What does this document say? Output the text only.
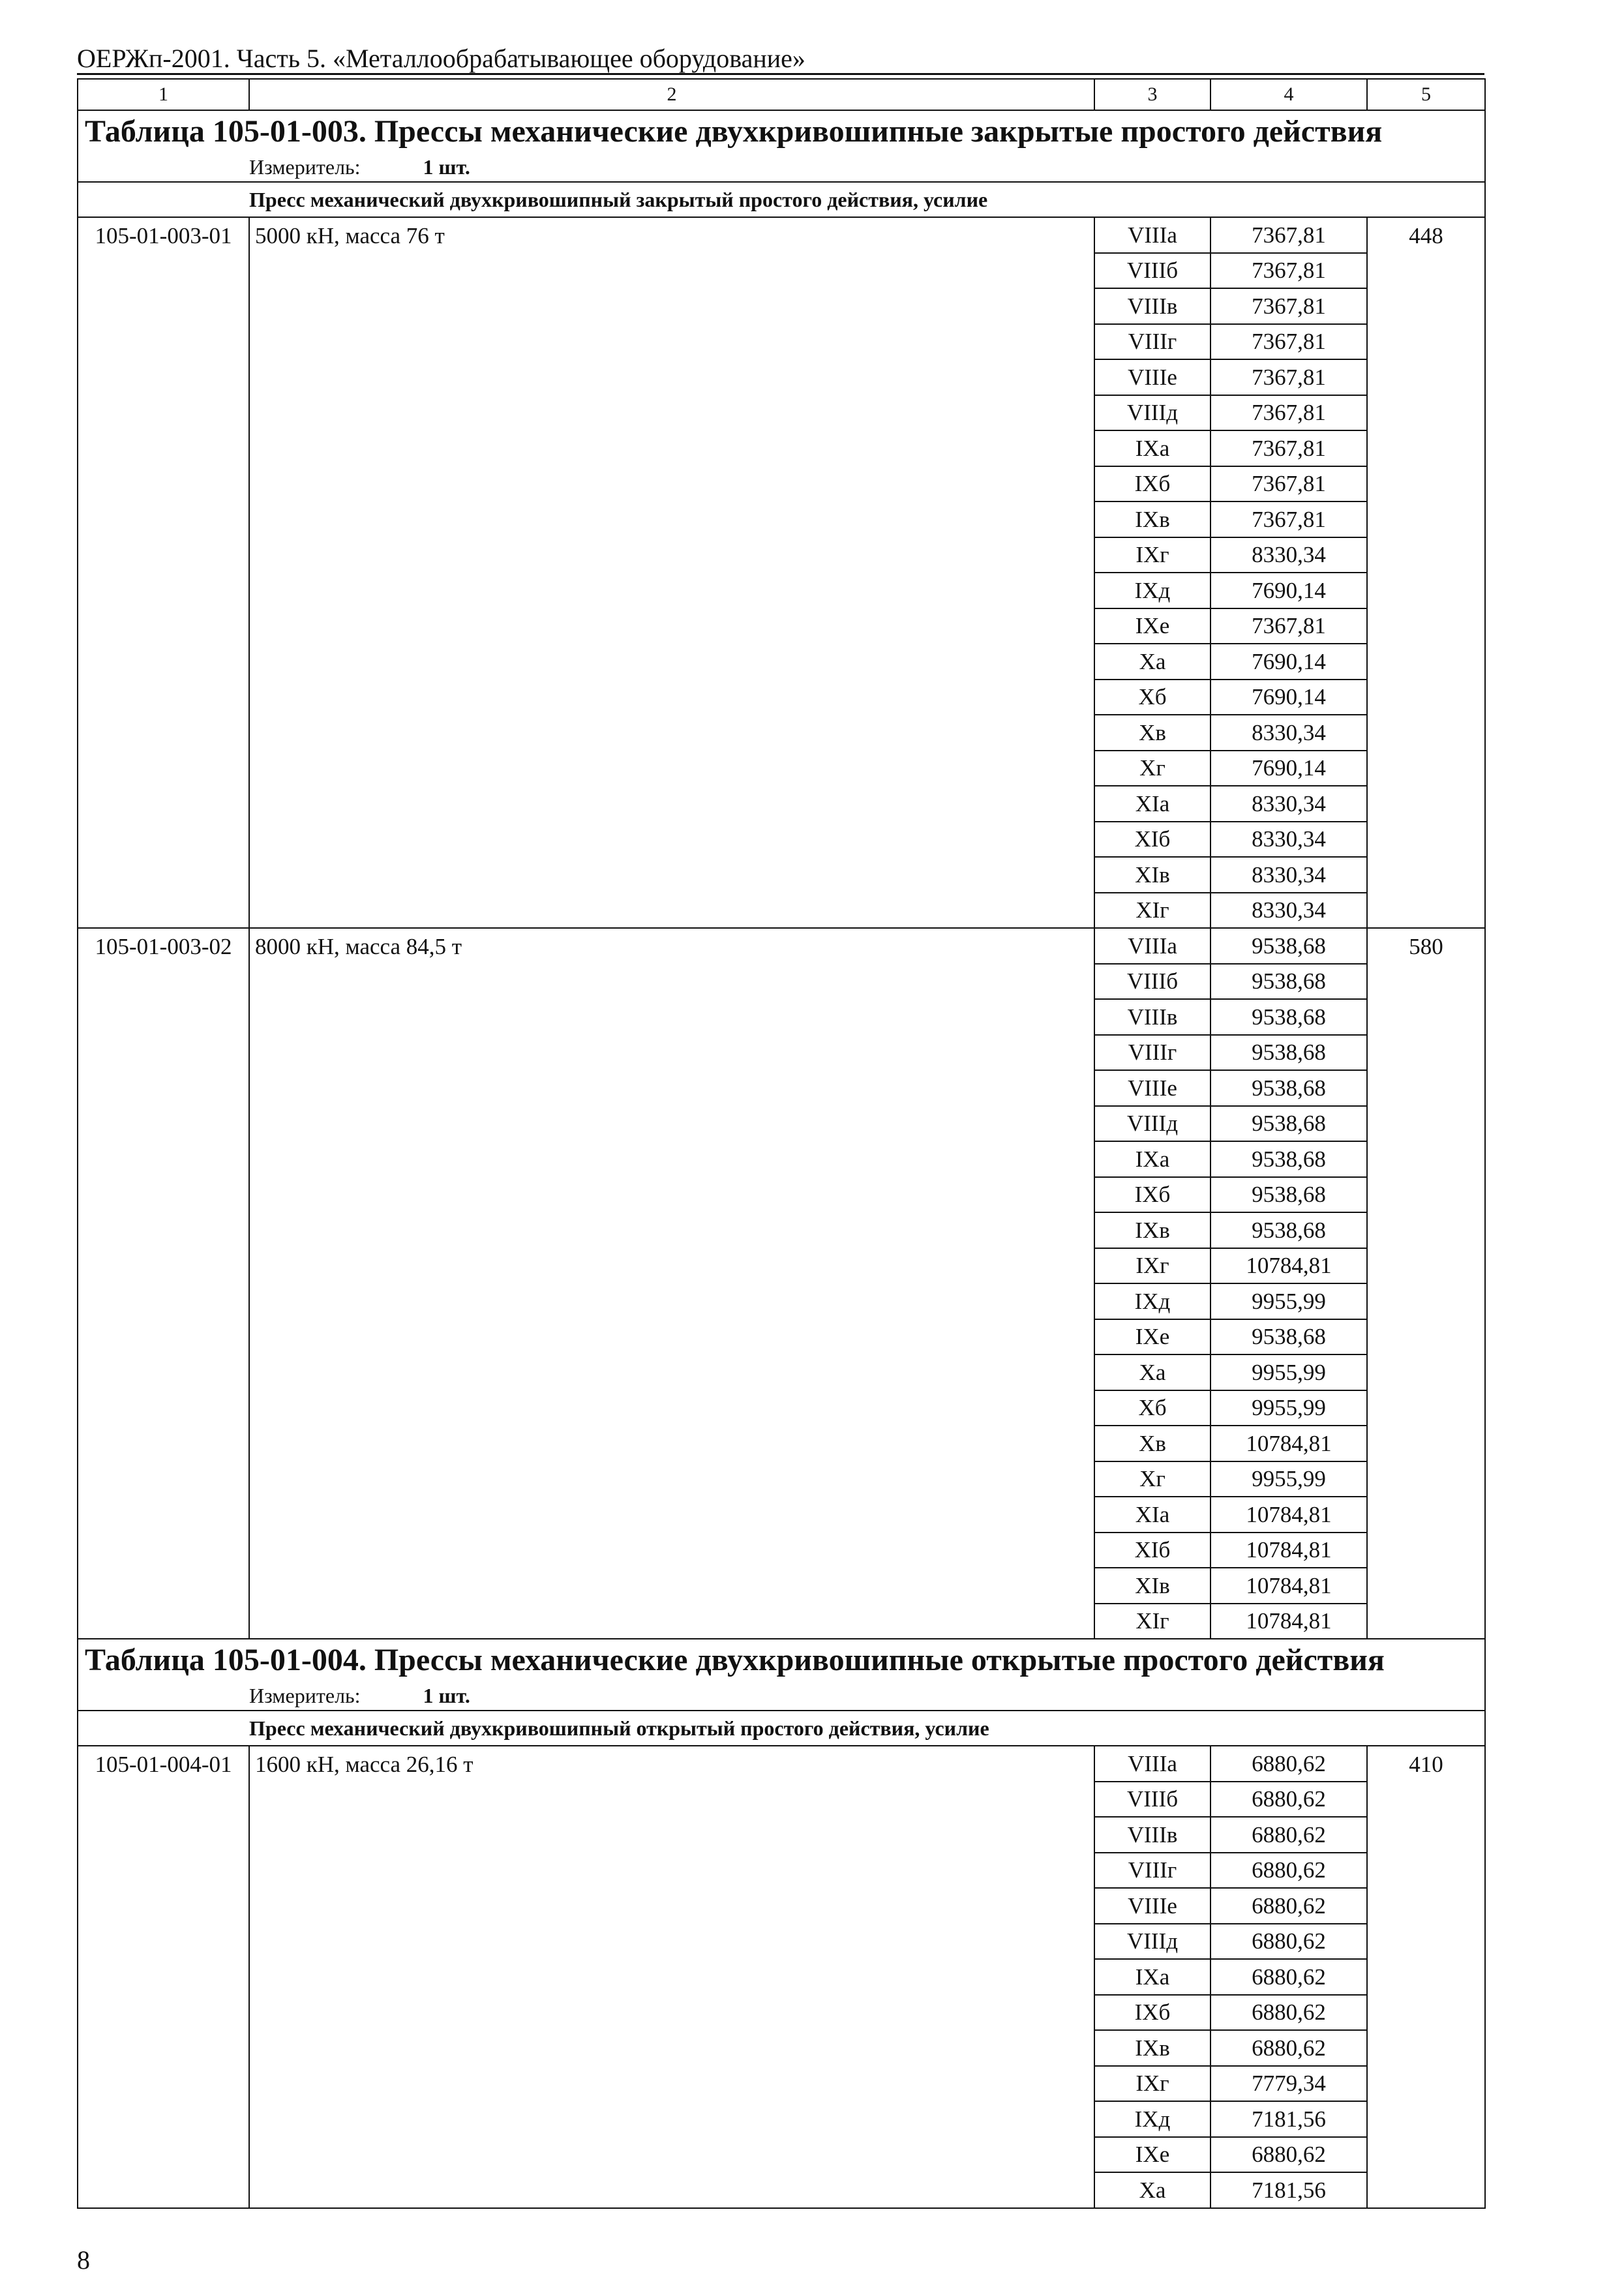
ОЕРЖп-2001. Часть 5. «Металлообрабатывающее оборудование»
1	2	3	4	5
Таблица 105-01-003. Прессы механические двухкривошипные закрытые простого действия				
Измеритель: 1 шт.				
Пресс механический двухкривошипный закрытый простого действия, усилие				
105-01-003-01	5000 кН, масса 76 т	VIIIа	7367,81	448
		VIIIб	7367,81	
		VIIIв	7367,81	
		VIIIг	7367,81	
		VIIIе	7367,81	
		VIIIд	7367,81	
		IXа	7367,81	
		IXб	7367,81	
		IXв	7367,81	
		IXг	8330,34	
		IXд	7690,14	
		IXе	7367,81	
		Xа	7690,14	
		Xб	7690,14	
		Xв	8330,34	
		Xг	7690,14	
		XIа	8330,34	
		XIб	8330,34	
		XIв	8330,34	
		XIг	8330,34	
105-01-003-02	8000 кН, масса 84,5 т	VIIIа	9538,68	580
		VIIIб	9538,68	
		VIIIв	9538,68	
		VIIIг	9538,68	
		VIIIе	9538,68	
		VIIIд	9538,68	
		IXа	9538,68	
		IXб	9538,68	
		IXв	9538,68	
		IXг	10784,81	
		IXд	9955,99	
		IXе	9538,68	
		Xа	9955,99	
		Xб	9955,99	
		Xв	10784,81	
		Xг	9955,99	
		XIа	10784,81	
		XIб	10784,81	
		XIв	10784,81	
		XIг	10784,81	
Таблица 105-01-004. Прессы механические двухкривошипные открытые простого действия				
Измеритель: 1 шт.				
Пресс механический двухкривошипный открытый простого действия, усилие				
105-01-004-01	1600 кН, масса 26,16 т	VIIIа	6880,62	410
		VIIIб	6880,62	
		VIIIв	6880,62	
		VIIIг	6880,62	
		VIIIе	6880,62	
		VIIIд	6880,62	
		IXа	6880,62	
		IXб	6880,62	
		IXв	6880,62	
		IXг	7779,34	
		IXд	7181,56	
		IXе	6880,62	
		Xа	7181,56	
8
